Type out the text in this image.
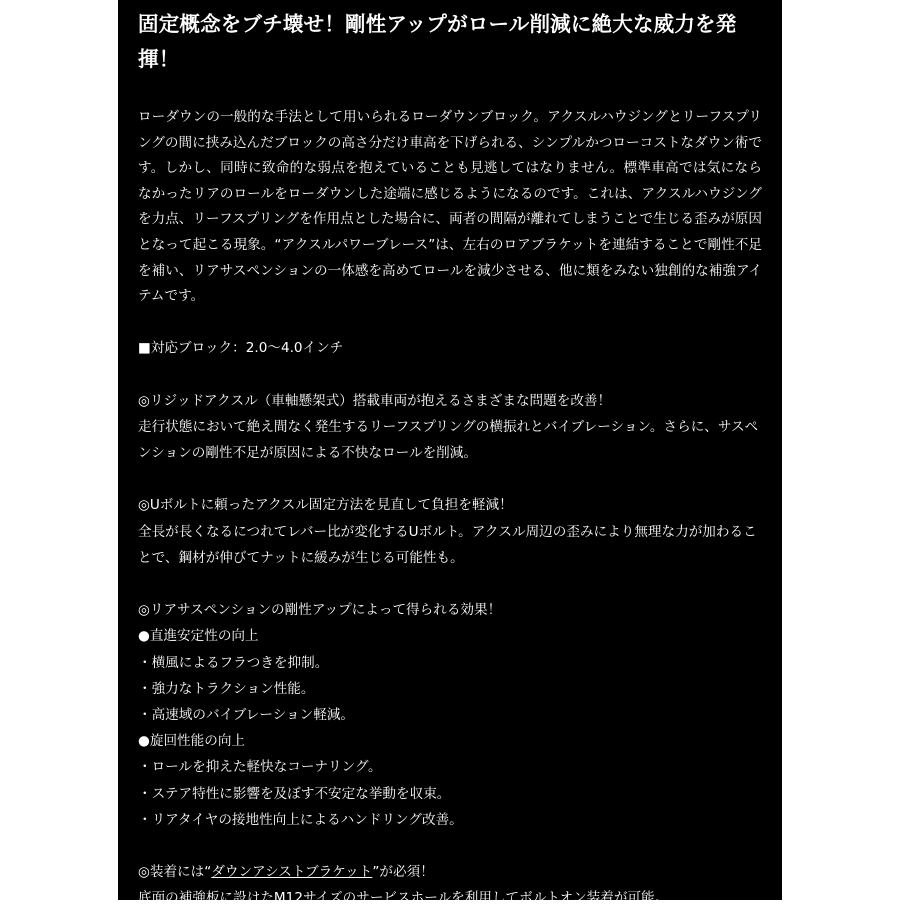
固定概念をブチ壊せ！剛性アップがロール削減に絶大な威力を発揮！

ローダウンの一般的な手法として用いられるローダウンブロック。アクスルハウジングとリーフスプリングの間に挟み込んだブロックの高さ分だけ車高を下げられる、シンプルかつローコストなダウン術です。しかし、同時に致命的な弱点を抱えていることも見逃してはなりません。標準車高では気にならなかったリアのロールをローダウンした途端に感じるようになるのです。これは、アクスルハウジングを力点、リーフスプリングを作用点とした場合に、両者の間隔が離れてしまうことで生じる歪みが原因となって起こる現象。“アクスルパワーブレース”は、左右のロアブラケットを連結することで剛性不足を補い、リアサスペンションの一体感を高めてロールを減少させる、他に類をみない独創的な補強アイテムです。

■対応ブロック：2.0〜4.0インチ
◎リジッドアクスル（車軸懸架式）搭載車両が抱えるさまざまな問題を改善！
走行状態において絶え間なく発生するリーフスプリングの横振れとバイブレーション。さらに、サスペンションの剛性不足が原因による不快なロールを削減。
◎Uボルトに頼ったアクスル固定方法を見直して負担を軽減！
全長が長くなるにつれてレバー比が変化するUボルト。アクスル周辺の歪みにより無理な力が加わることで、鋼材が伸びてナットに緩みが生じる可能性も。
◎リアサスペンションの剛性アップによって得られる効果！
●直進安定性の向上
・横風によるフラつきを抑制。
・強力なトラクション性能。
・高速域のバイブレーション軽減。
●旋回性能の向上
・ロールを抑えた軽快なコーナリング。
・ステア特性に影響を及ぼす不安定な挙動を収束。
・リアタイヤの接地性向上によるハンドリング改善。
◎装着には“ダウンアシストブラケット”が必須！
底面の補強板に設けたM12サイズのサービスホールを利用してボルトオン装着が可能。
